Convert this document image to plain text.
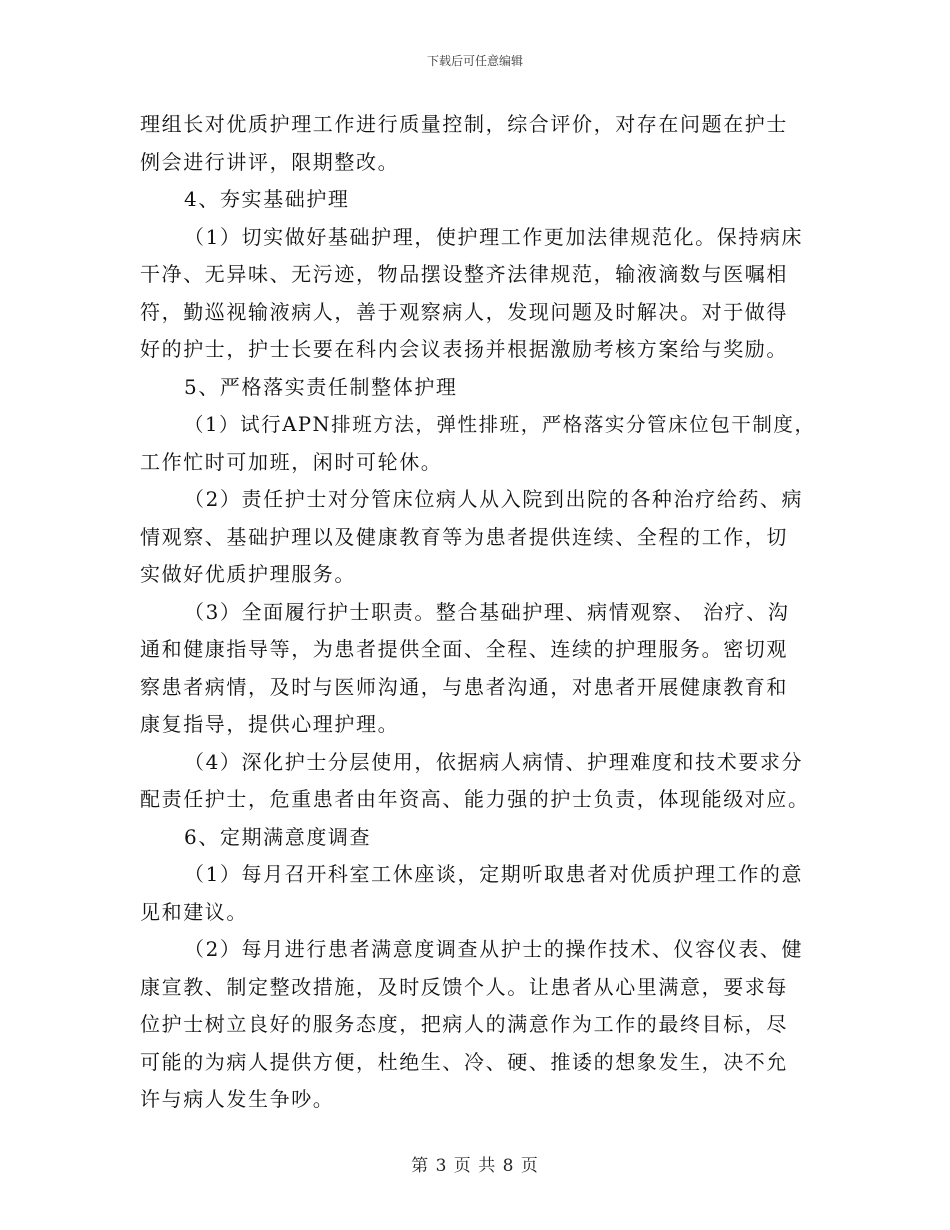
下载后可任意编辑
理组长对优质护理工作进行质量控制，综合评价，对存在问题在护士
例会进行讲评，限期整改。
4、夯实基础护理
（1）切实做好基础护理，使护理工作更加法律规范化。保持病床
干净、无异味、无污迹，物品摆设整齐法律规范，输液滴数与医嘱相
符，勤巡视输液病人，善于观察病人，发现问题及时解决。对于做得
好的护士，护士长要在科内会议表扬并根据激励考核方案给与奖励。
5、严格落实责任制整体护理
（1）试行APN排班方法，弹性排班，严格落实分管床位包干制度，
工作忙时可加班，闲时可轮休。
（2）责任护士对分管床位病人从入院到出院的各种治疗给药、病
情观察、基础护理以及健康教育等为患者提供连续、全程的工作，切
实做好优质护理服务。
（3）全面履行护士职责。整合基础护理、病情观察、 治疗、沟
通和健康指导等，为患者提供全面、全程、连续的护理服务。密切观
察患者病情，及时与医师沟通，与患者沟通，对患者开展健康教育和
康复指导，提供心理护理。
（4）深化护士分层使用，依据病人病情、护理难度和技术要求分
配责任护士，危重患者由年资高、能力强的护士负责，体现能级对应。
6、定期满意度调查
（1）每月召开科室工休座谈，定期听取患者对优质护理工作的意
见和建议。
（2）每月进行患者满意度调查从护士的操作技术、仪容仪表、健
康宣教、制定整改措施，及时反馈个人。让患者从心里满意，要求每
位护士树立良好的服务态度，把病人的满意作为工作的最终目标，尽
可能的为病人提供方便，杜绝生、冷、硬、推诿的想象发生，决不允
许与病人发生争吵。
第 3 页 共 8 页
